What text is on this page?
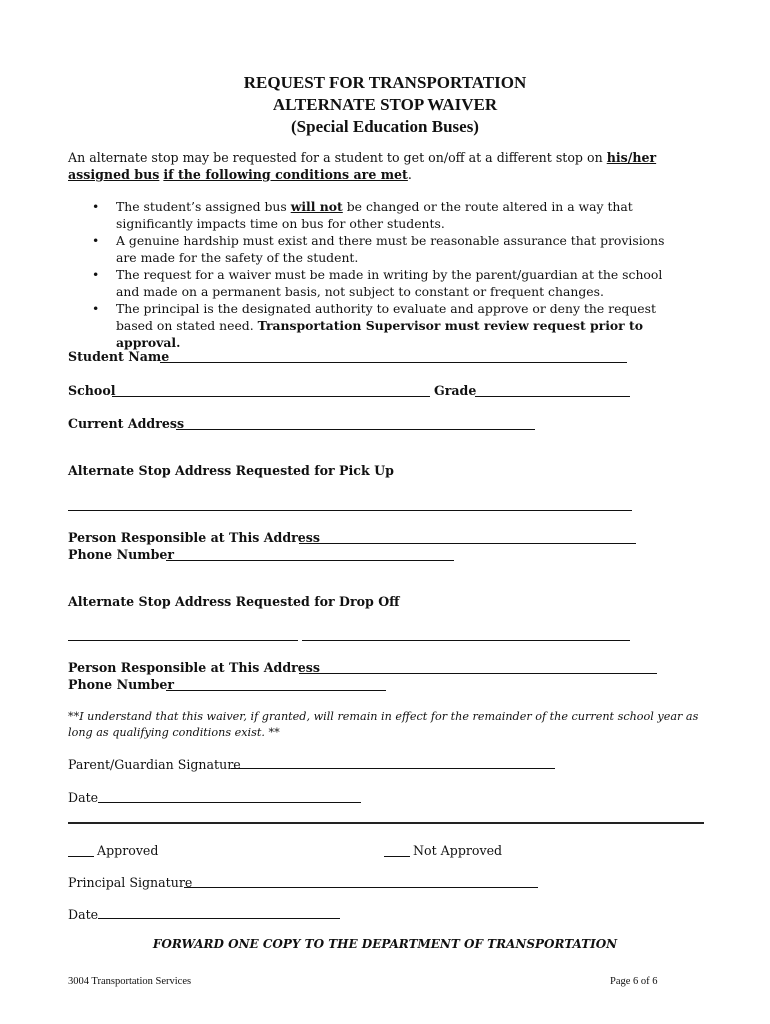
REQUEST FOR TRANSPORTATION
ALTERNATE STOP WAIVER
(Special Education Buses)
An alternate stop may be requested for a student to get on/off at a different stop on his/her assigned bus if the following conditions are met.
• The student’s assigned bus will not be changed or the route altered in a way that significantly impacts time on bus for other students.
• A genuine hardship must exist and there must be reasonable assurance that provisions are made for the safety of the student.
• The request for a waiver must be made in writing by the parent/guardian at the school and made on a permanent basis, not subject to constant or frequent changes.
• The principal is the designated authority to evaluate and approve or deny the request based on stated need. Transportation Supervisor must review request prior to approval.
Student Name
School	Grade
Current Address
Alternate Stop Address Requested for Pick Up
Person Responsible at This Address
Phone Number
Alternate Stop Address Requested for Drop Off
Person Responsible at This Address
Phone Number
**I understand that this waiver, if granted, will remain in effect for the remainder of the current school year as long as qualifying conditions exist. **
Parent/Guardian Signature
Date
Approved	Not Approved
Principal Signature
Date
FORWARD ONE COPY TO THE DEPARTMENT OF TRANSPORTATION
3004 Transportation Services	Page 6 of 6
